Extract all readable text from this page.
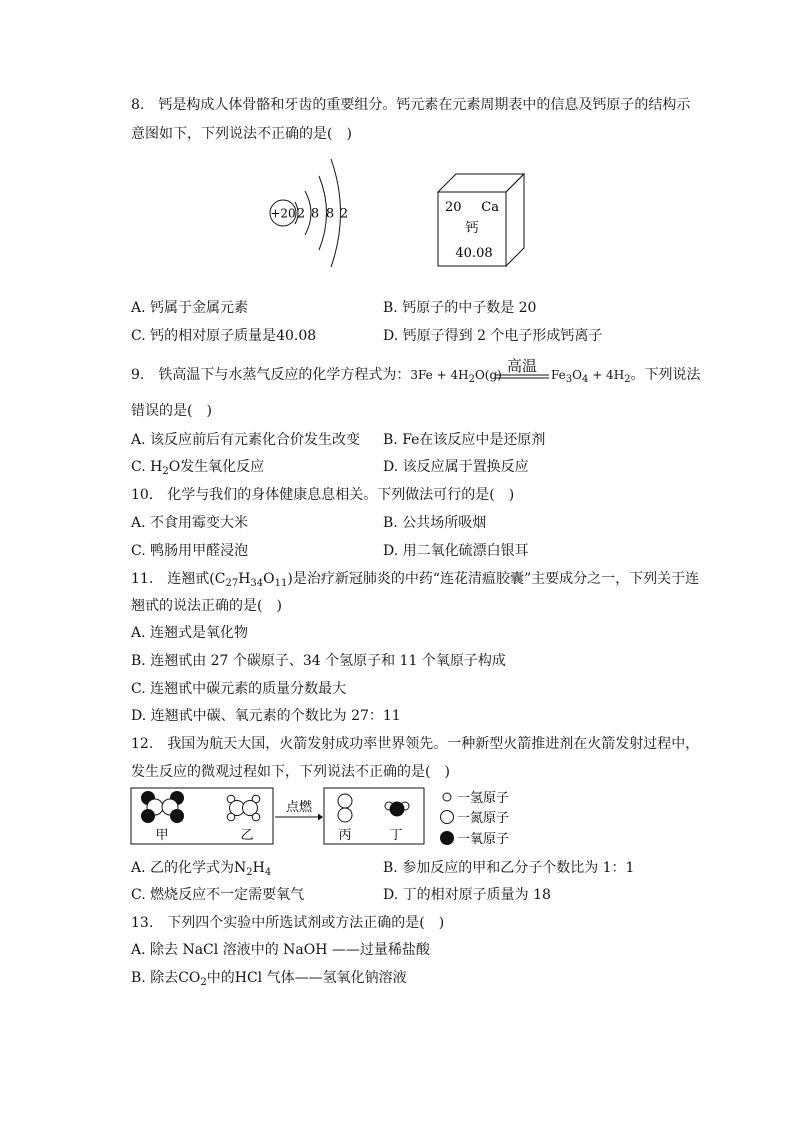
8.　钙是构成人体骨骼和牙齿的重要组分。钙元素在元素周期表中的信息及钙原子的结构示
意图如下，下列说法不正确的是(　)
+20 2 8 8 2	20 Ca
钙
40.08
A. 钙属于金属元素	B. 钙原子的中子数是 20
C. 钙的相对原子质量是40.08	D. 钙原子得到 2 个电子形成钙离子
9.　铁高温下与水蒸气反应的化学方程式为：$3Fe + 4H_2O(g)$ 高温	$Fe_3O_4 + 4H_2$。下列说法
错误的是(　)
A. 该反应前后有元素化合价发生改变 B. Fe在该反应中是还原剂
C. $H_2O$发生氧化反应	D. 该反应属于置换反应
10.　化学与我们的身体健康息息相关。下列做法可行的是(　)
A. 不食用霉变大米	B. 公共场所吸烟
C. 鸭肠用甲醛浸泡	D. 用二氧化硫漂白银耳
11.　连翘甙$(C_{27}H_{34}O_{11})$是治疗新冠肺炎的中药“连花清瘟胶囊”主要成分之一，下列关于连
翘甙的说法正确的是(　)
A. 连翘式是氧化物
B. 连翘甙由 27 个碳原子、34 个氢原子和 11 个氧原子构成
C. 连翘甙中碳元素的质量分数最大
D. 连翘甙中碳、氧元素的个数比为 27：11
12.　我国为航天大国，火箭发射成功率世界领先。一种新型火箭推进剂在火箭发射过程中，
发生反应的微观过程如下，下列说法不正确的是(　)
甲	乙
点燃
丙	丁
一氢原子
一氮原子
一氧原子
A. 乙的化学式为$N_2H_4$	B. 参加反应的甲和乙分子个数比为 1：1
C. 燃烧反应不一定需要氧气	D. 丁的相对原子质量为 18
13.　下列四个实验中所选试剂或方法正确的是(　)
A. 除去 NaCl 溶液中的 NaOH ——过量稀盐酸
B. 除去$CO_2$中的HCl 气体——氢氧化钠溶液
